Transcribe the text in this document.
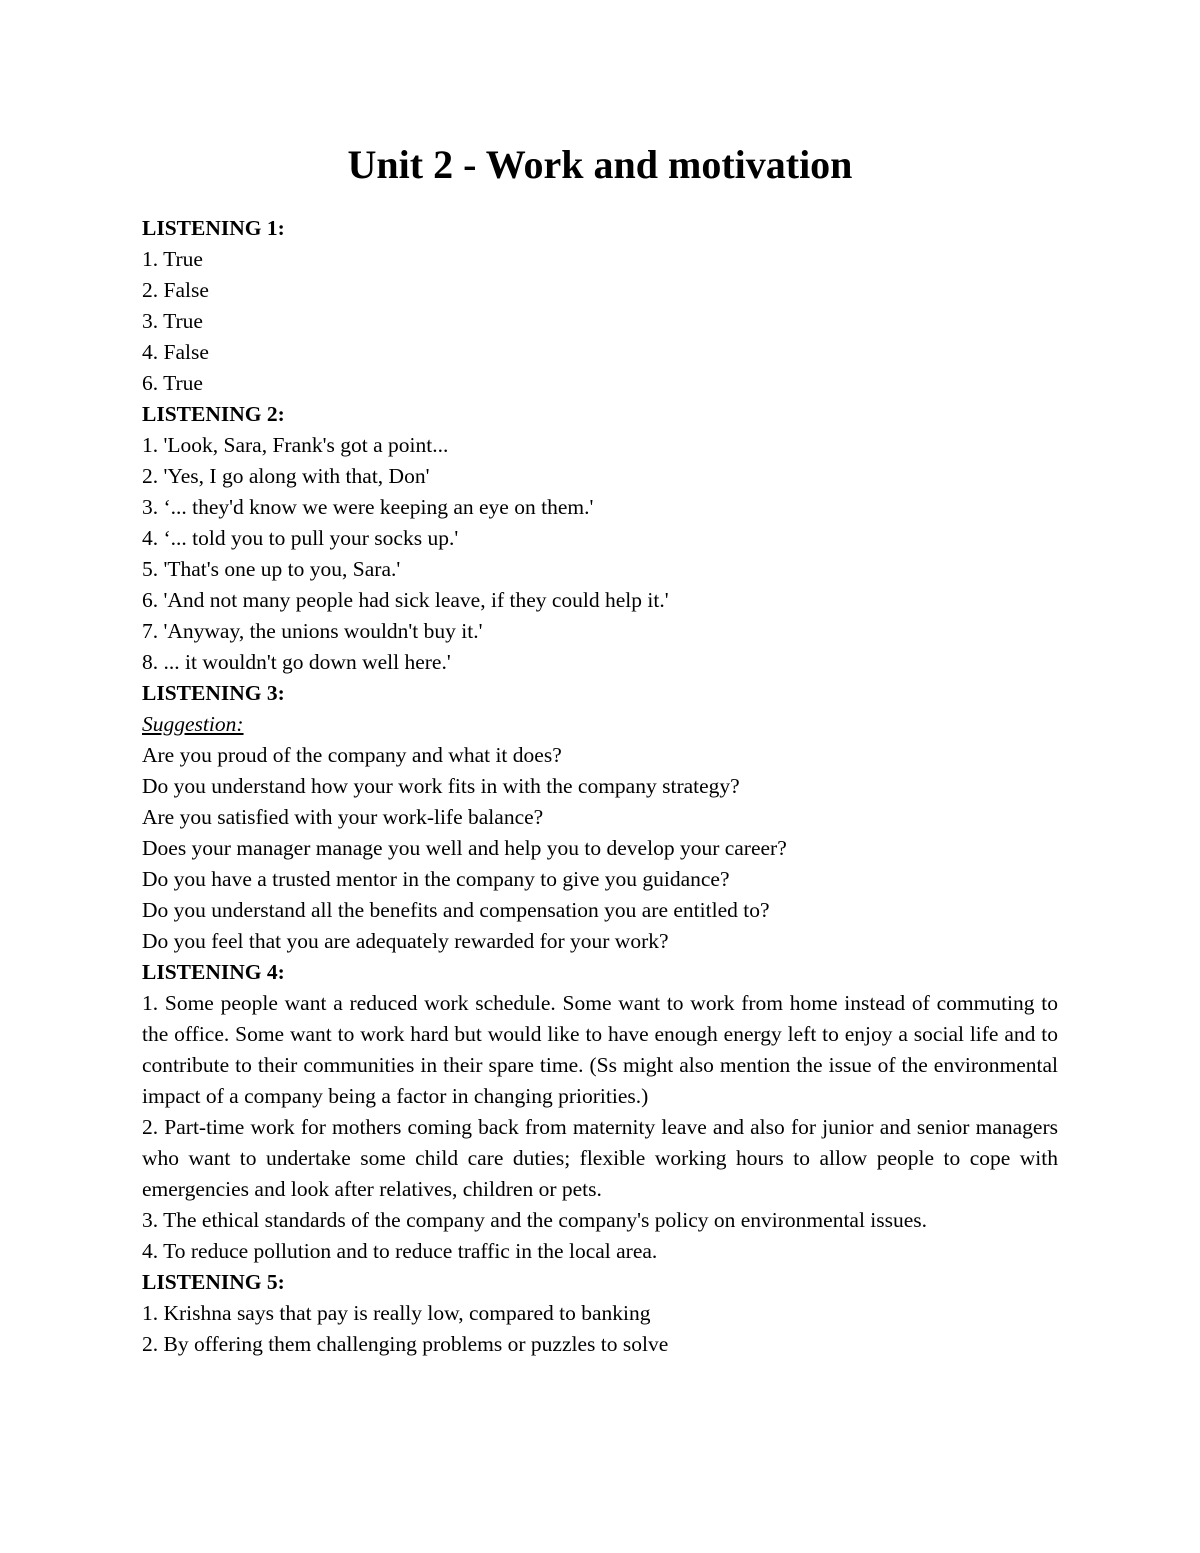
Unit 2 - Work and motivation

LISTENING 1:

1. True

2. False

3. True

4. False

6. True

LISTENING 2:

1. 'Look, Sara, Frank's got a point...

2. 'Yes, I go along with that, Don'

3. ‘... they'd know we were keeping an eye on them.'

4. ‘... told you to pull your socks up.'

5. 'That's one up to you, Sara.'

6. 'And not many people had sick leave, if they could help it.'

7. 'Anyway, the unions wouldn't buy it.'

8. ... it wouldn't go down well here.'

LISTENING 3:

Suggestion:

Are you proud of the company and what it does?

Do you understand how your work fits in with the company strategy?

Are you satisfied with your work-life balance?

Does your manager manage you well and help you to develop your career?

Do you have a trusted mentor in the company to give you guidance?

Do you understand all the benefits and compensation you are entitled to?

Do you feel that you are adequately rewarded for your work?

LISTENING 4:

1. Some people want a reduced work schedule. Some want to work from home instead of commuting to the office. Some want to work hard but would like to have enough energy left to enjoy a social life and to contribute to their communities in their spare time. (Ss might also mention the issue of the environmental impact of a company being a factor in changing priorities.)

2. Part-time work for mothers coming back from maternity leave and also for junior and senior managers who want to undertake some child care duties; flexible working hours to allow people to cope with emergencies and look after relatives, children or pets.

3. The ethical standards of the company and the company's policy on environmental issues.

4. To reduce pollution and to reduce traffic in the local area.

LISTENING 5:

1. Krishna says that pay is really low, compared to banking

2. By offering them challenging problems or puzzles to solve
